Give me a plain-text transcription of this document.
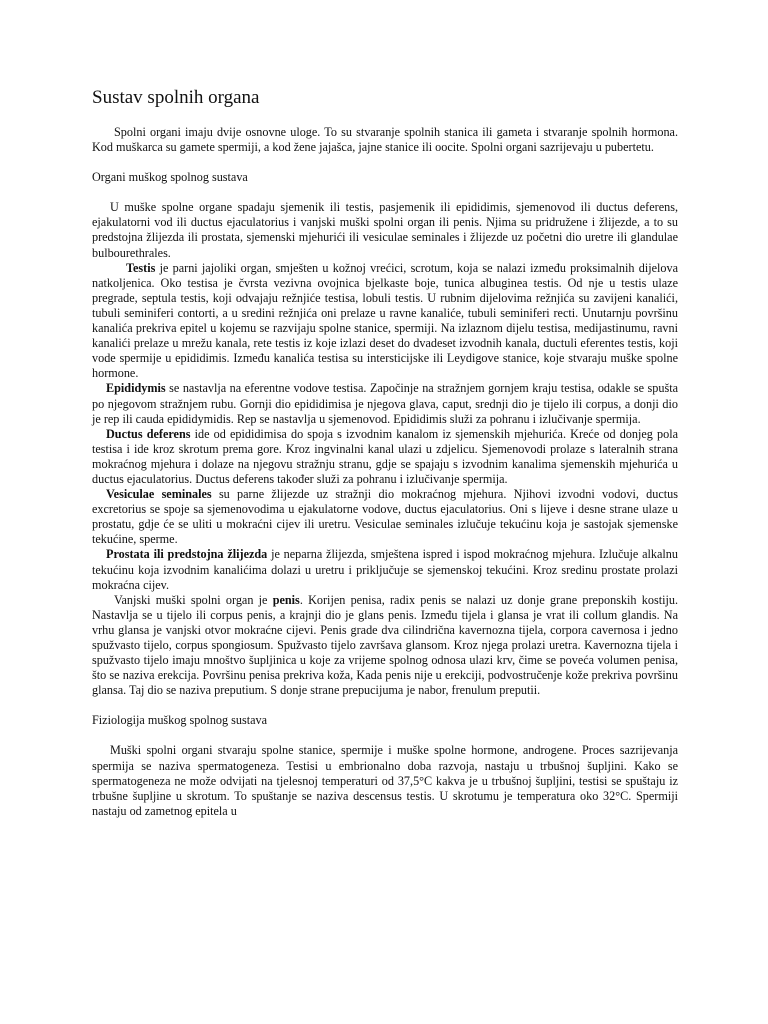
Sustav spolnih organa

Spolni organi imaju dvije osnovne uloge. To su stvaranje spolnih stanica ili gameta i stvaranje spolnih hormona. Kod muškarca su gamete spermiji, a kod žene jajašca, jajne stanice ili oocite. Spolni organi sazrijevaju u pubertetu.

Organi muškog spolnog sustava

U muške spolne organe spadaju sjemenik ili testis, pasjemenik ili epididimis, sjemenovod ili ductus deferens, ejakulatorni vod ili ductus ejaculatorius i vanjski muški spolni organ ili penis. Njima su pridružene i žlijezde, a to su predstojna žlijezda ili prostata, sjemenski mjehurići ili vesiculae seminales i žlijezde uz početni dio uretre ili glandulae bulbourethrales.

Testis je parni jajoliki organ, smješten u kožnoj vrećici, scrotum, koja se nalazi između proksimalnih dijelova natkoljenica. Oko testisa je čvrsta vezivna ovojnica bjelkaste boje, tunica albuginea testis. Od nje u testis ulaze pregrade, septula testis, koji odvajaju režnjiće testisa, lobuli testis. U rubnim dijelovima režnjića su zavijeni kanalići, tubuli seminiferi contorti, a u sredini režnjića oni prelaze u ravne kanaliće, tubuli seminiferi recti. Unutarnju površinu kanalića prekriva epitel u kojemu se razvijaju spolne stanice, spermiji. Na izlaznom dijelu testisa, medijastinumu, ravni kanalići prelaze u mrežu kanala, rete testis iz koje izlazi deset do dvadeset izvodnih kanala, ductuli eferentes testis, koji vode spermije u epididimis. Između kanalića testisa su intersticijske ili Leydigove stanice, koje stvaraju muške spolne hormone.

Epididymis se nastavlja na eferentne vodove testisa. Započinje na stražnjem gornjem kraju testisa, odakle se spušta po njegovom stražnjem rubu. Gornji dio epididimisa je njegova glava, caput, srednji dio je tijelo ili corpus, a donji dio je rep ili cauda epididymidis. Rep se nastavlja u sjemenovod. Epididimis služi za pohranu i izlučivanje spermija.

Ductus deferens ide od epididimisa do spoja s izvodnim kanalom iz sjemenskih mjehurića. Kreće od donjeg pola testisa i ide kroz skrotum prema gore. Kroz ingvinalni kanal ulazi u zdjelicu. Sjemenovodi prolaze s lateralnih strana mokraćnog mjehura i dolaze na njegovu stražnju stranu, gdje se spajaju s izvodnim kanalima sjemenskih mjehurića u ductus ejaculatorius. Ductus deferens također služi za pohranu i izlučivanje spermija.

Vesiculae seminales su parne žlijezde uz stražnji dio mokraćnog mjehura. Njihovi izvodni vodovi, ductus excretorius se spoje sa sjemenovodima u ejakulatorne vodove, ductus ejaculatorius. Oni s lijeve i desne strane ulaze u prostatu, gdje će se uliti u mokraćni cijev ili uretru. Vesiculae seminales izlučuje tekućinu koja je sastojak sjemenske tekućine, sperme.

Prostata ili predstojna žlijezda je neparna žlijezda, smještena ispred i ispod mokraćnog mjehura. Izlučuje alkalnu tekućinu koja izvodnim kanalićima dolazi u uretru i priključuje se sjemenskoj tekućini. Kroz sredinu prostate prolazi mokraćna cijev.

Vanjski muški spolni organ je penis. Korijen penisa, radix penis se nalazi uz donje grane preponskih kostiju. Nastavlja se u tijelo ili corpus penis, a krajnji dio je glans penis. Između tijela i glansa je vrat ili collum glandis. Na vrhu glansa je vanjski otvor mokraćne cijevi. Penis grade dva cilindrična kavernozna tijela, corpora cavernosa i jedno spužvasto tijelo, corpus spongiosum. Spužvasto tijelo završava glansom. Kroz njega prolazi uretra. Kavernozna tijela i spužvasto tijelo imaju mnoštvo šupljinica u koje za vrijeme spolnog odnosa ulazi krv, čime se poveća volumen penisa, što se naziva erekcija. Površinu penisa prekriva koža, Kada penis nije u erekciji, podvostručenje kože prekriva površinu glansa. Taj dio se naziva preputium. S donje strane prepucijuma je nabor, frenulum preputii.

Fiziologija muškog spolnog sustava

Muški spolni organi stvaraju spolne stanice, spermije i muške spolne hormone, androgene. Proces sazrijevanja spermija se naziva spermatogeneza. Testisi u embrionalno doba razvoja, nastaju u trbušnoj šupljini. Kako se spermatogeneza ne može odvijati na tjelesnoj temperaturi od 37,5°C kakva je u trbušnoj šupljini, testisi se spuštaju iz trbušne šupljine u skrotum. To spuštanje se naziva descensus testis. U skrotumu je temperatura oko 32°C. Spermiji nastaju od zametnog epitela u
